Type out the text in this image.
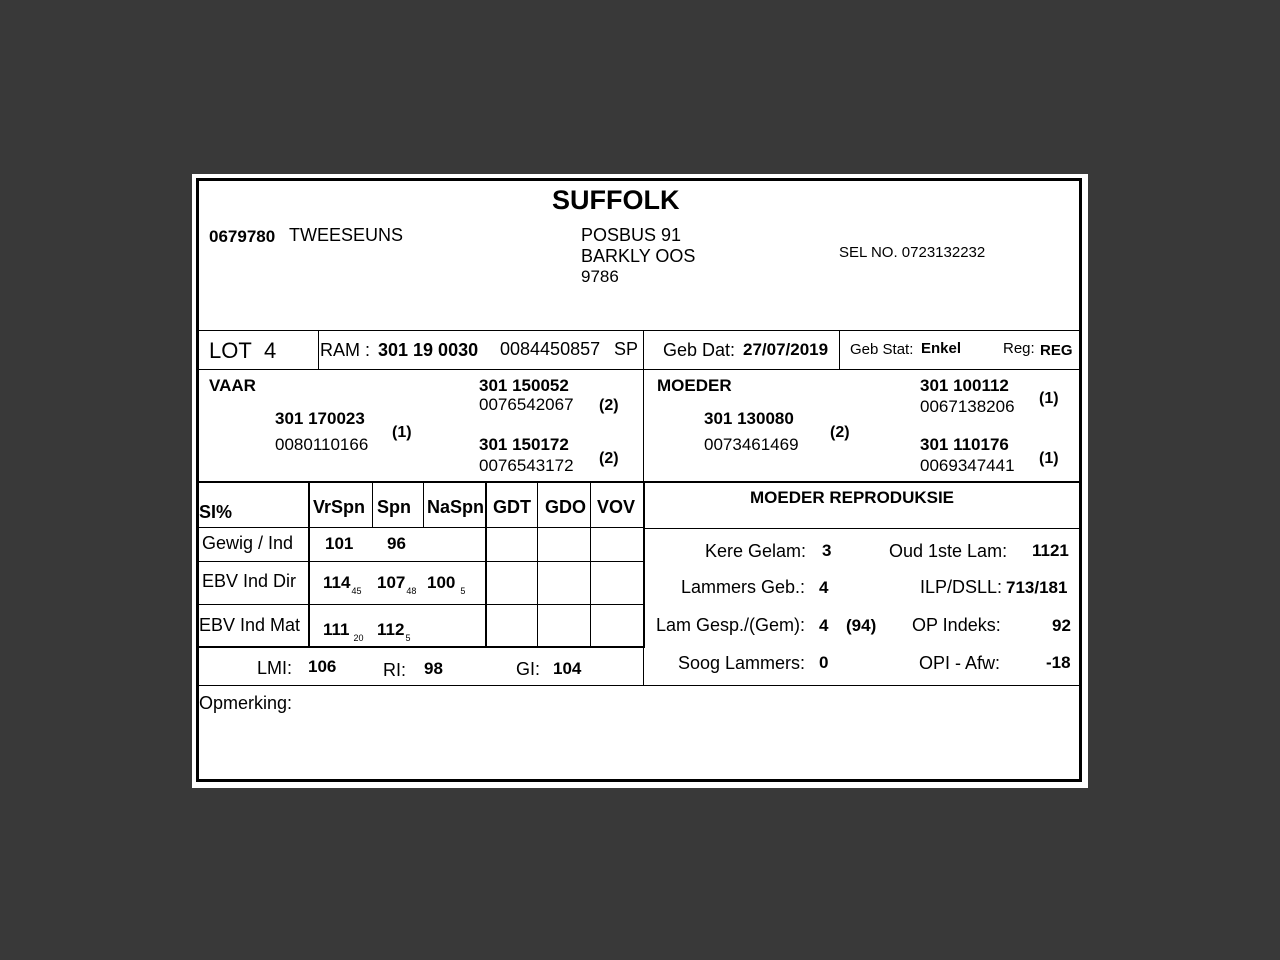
SUFFOLK
0679780 TWEESEUNS	POSBUS 91
BARKLY OOS
9786
SEL NO. 0723132232
LOT 4 RAM : 301 19 0030 0084450857 SP Geb Dat: 27/07/2019 Geb Stat: Enkel	Reg: REG
VAAR
301 170023
0080110166
(1)
301 150052
0076542067 (2)
301 150172
0076543172 (2)
MOEDER
301 130080
0073461469
(2)
301 100112
0067138206 (1)
301 110176
0069347441 (1)
SI%	VrSpn Spn NaSpn GDT GDO VOV
Gewig / Ind 101 96
EBV Ind Dir $114_{45}$ $107_{48}$ 100 $_5$
EBV Ind Mat 111 $_{20}$ $112_5$
LMI: 106	RI: 98	GI: 104
MOEDER REPRODUKSIE
Kere Gelam: 3	Oud 1ste Lam: 1121
Lammers Geb.: 4	ILP/DSLL: 713/181
Lam Gesp./(Gem): 4 (94) OP Indeks:	92
Soog Lammers: 0	OPI - Afw:	-18
Opmerking:
